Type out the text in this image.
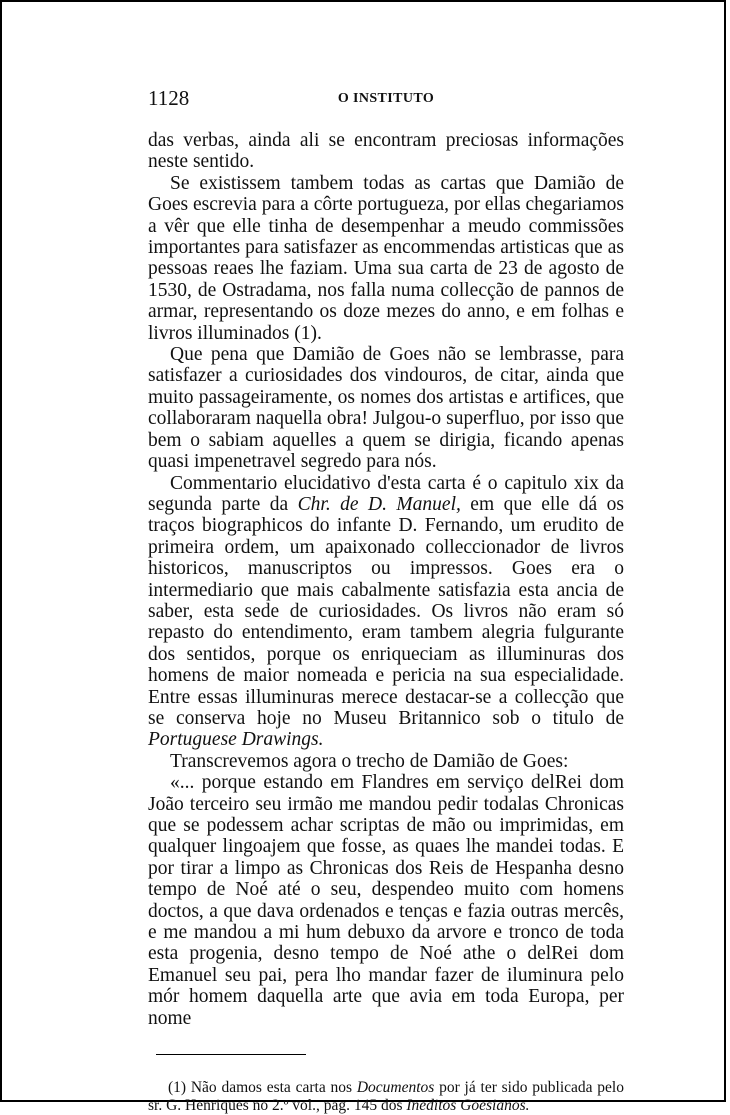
1128	O INSTITUTO

das verbas, ainda ali se encontram preciosas informações neste sentido.

Se existissem tambem todas as cartas que Damião de Goes escrevia para a côrte portugueza, por ellas chegariamos a vêr que elle tinha de desempenhar a meudo commissões importantes para satisfazer as encommendas artisticas que as pessoas reaes lhe faziam. Uma sua carta de 23 de agosto de 1530, de Ostradama, nos falla numa collecção de pannos de armar, representando os doze mezes do anno, e em folhas e livros illuminados (1).

Que pena que Damião de Goes não se lembrasse, para satisfazer a curiosidades dos vindouros, de citar, ainda que muito passageiramente, os nomes dos artistas e artifices, que collaboraram naquella obra! Julgou-o superfluo, por isso que bem o sabiam aquelles a quem se dirigia, ficando apenas quasi impenetravel segredo para nós.

Commentario elucidativo d'esta carta é o capitulo xix da segunda parte da Chr. de D. Manuel, em que elle dá os traços biographicos do infante D. Fernando, um erudito de primeira ordem, um apaixonado colleccionador de livros historicos, manuscriptos ou impressos. Goes era o intermediario que mais cabalmente satisfazia esta ancia de saber, esta sede de curiosidades. Os livros não eram só repasto do entendimento, eram tambem alegria fulgurante dos sentidos, porque os enriqueciam as illuminuras dos homens de maior nomeada e pericia na sua especialidade. Entre essas illuminuras merece destacar-se a collecção que se conserva hoje no Museu Britannico sob o titulo de Portuguese Drawings.

Transcrevemos agora o trecho de Damião de Goes:

«... porque estando em Flandres em serviço delRei dom João terceiro seu irmão me mandou pedir todalas Chronicas que se podessem achar scriptas de mão ou imprimidas, em qualquer lingoajem que fosse, as quaes lhe mandei todas. E por tirar a limpo as Chronicas dos Reis de Hespanha desno tempo de Noé até o seu, despendeo muito com homens doctos, a que dava ordenados e tenças e fazia outras mercês, e me mandou a mi hum debuxo da arvore e tronco de toda esta progenia, desno tempo de Noé athe o delRei dom Emanuel seu pai, pera lho mandar fazer de iluminura pelo mór homem daquella arte que avia em toda Europa, per nome

(1) Não damos esta carta nos Documentos por já ter sido publicada pelo sr. G. Henriques no 2.º vol., pag. 145 dos Ineditos Goesianos.
